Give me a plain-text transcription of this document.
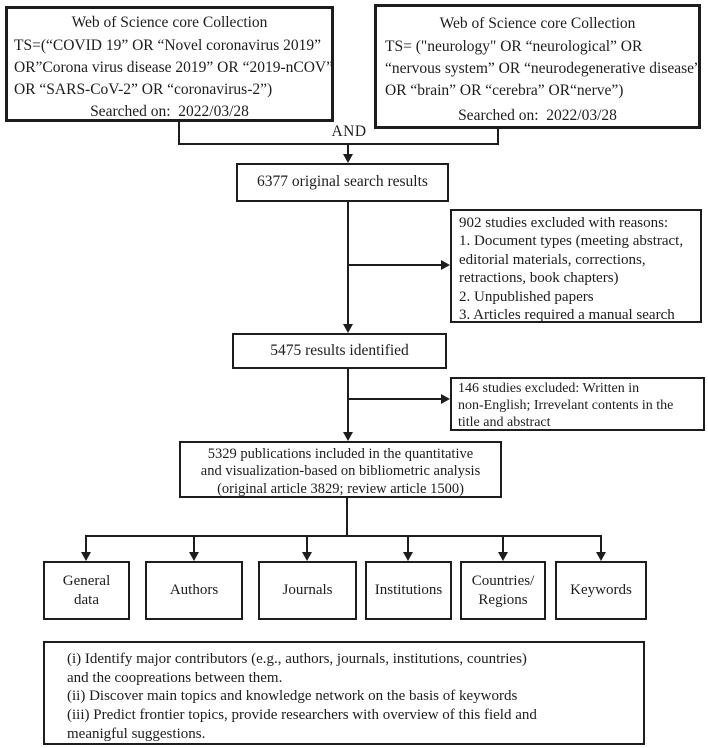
Web of Science core Collection
TS=(“COVID 19” OR “Novel coronavirus 2019”
OR”Corona virus disease 2019” OR “2019-nCOV”
OR “SARS-CoV-2” OR “coronavirus-2”)
Searched on:  2022/03/28
Web of Science core Collection
TS= ("neurology" OR “neurological” OR
“nervous system” OR “neurodegenerative disease”
OR “brain” OR “cerebra” OR“nerve”)
Searched on:  2022/03/28
AND
6377 original search results
902 studies excluded with reasons:
1. Document types (meeting abstract,
editorial materials, corrections,
retractions, book chapters)
2. Unpublished papers
3. Articles required a manual search
5475 results identified
146 studies excluded: Written in
non-English; Irrevelant contents in the
title and abstract
5329 publications included in the quantitative
and visualization-based on bibliometric analysis
(original article 3829; review article 1500)
General
data
Authors	Journals	Institutions
Countries/
Regions
Keywords
(i) Identify major contributors (e.g., authors, journals, institutions, countries)
and the coopreations between them.
(ii) Discover main topics and knowledge network on the basis of keywords
(iii) Predict frontier topics, provide researchers with overview of this field and
meanigful suggestions.
